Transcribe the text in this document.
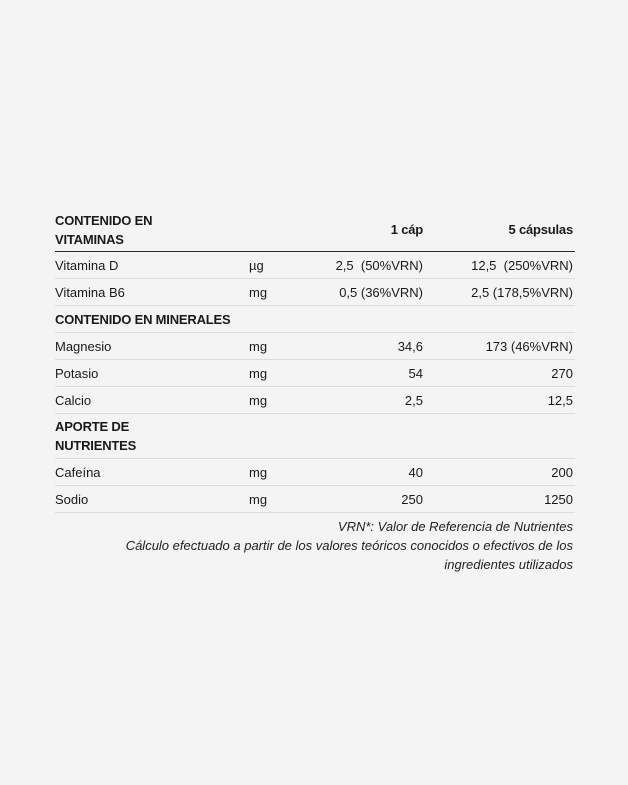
CONTENIDO EN VITAMINAS		1 cáp	5 cápsulas
Vitamina D	µg	2,5  (50%VRN)	12,5  (250%VRN)
Vitamina B6	mg	0,5 (36%VRN)	2,5 (178,5%VRN)
CONTENIDO EN MINERALES			
Magnesio	mg	34,6	173 (46%VRN)
Potasio	mg	54	270
Calcio	mg	2,5	12,5
APORTE DE NUTRIENTES			
Cafeína	mg	40	200
Sodio	mg	250	1250
VRN*: Valor de Referencia de Nutrientes
Cálculo efectuado a partir de los valores teóricos conocidos o efectivos de los
ingredientes utilizados
